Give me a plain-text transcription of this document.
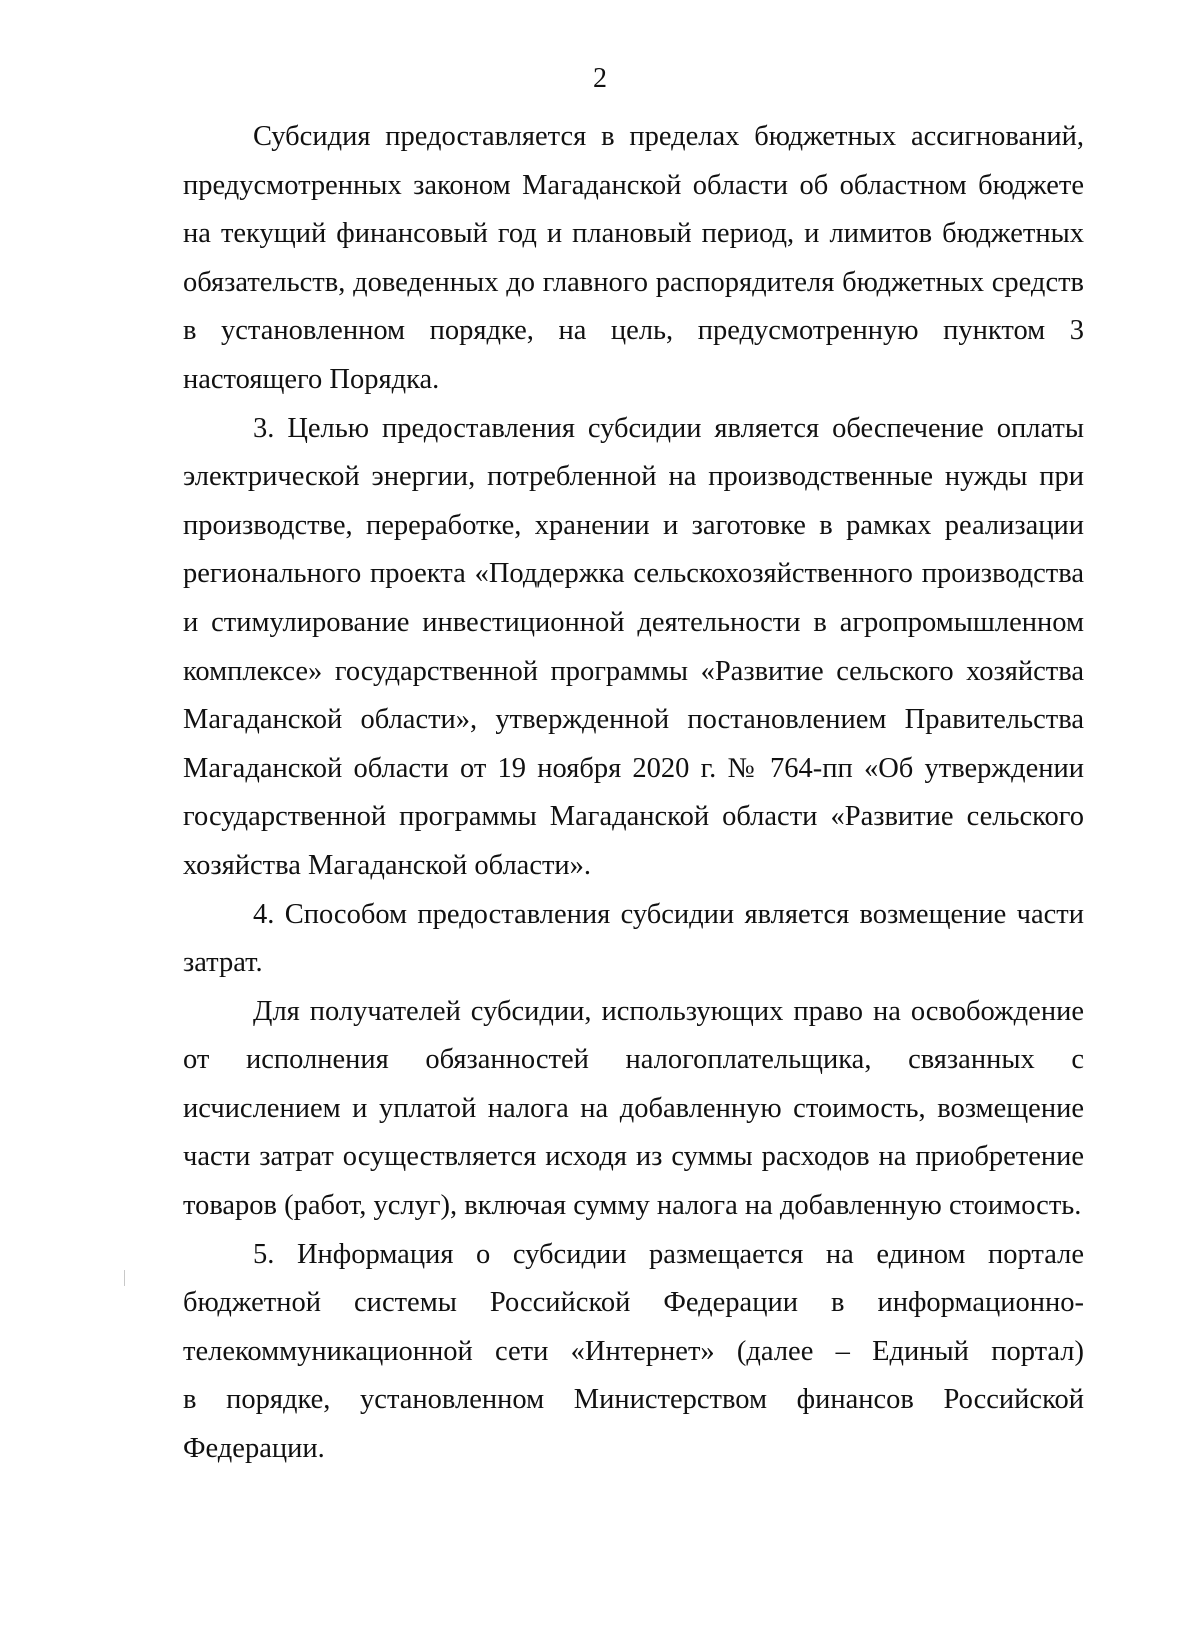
2
Субсидия предоставляется в пределах бюджетных ассигнований,
предусмотренных законом Магаданской области об областном бюджете
на текущий финансовый год и плановый период, и лимитов бюджетных
обязательств, доведенных до главного распорядителя бюджетных средств
в установленном порядке, на цель, предусмотренную пунктом 3
настоящего Порядка.
3. Целью предоставления субсидии является обеспечение оплаты
электрической энергии, потребленной на производственные нужды при
производстве, переработке, хранении и заготовке в рамках реализации
регионального проекта «Поддержка сельскохозяйственного производства
и стимулирование инвестиционной деятельности в агропромышленном
комплексе» государственной программы «Развитие сельского хозяйства
Магаданской области», утвержденной постановлением Правительства
Магаданской области от 19 ноября 2020 г. № 764-пп «Об утверждении
государственной программы Магаданской области «Развитие сельского
хозяйства Магаданской области».
4. Способом предоставления субсидии является возмещение части
затрат.
Для получателей субсидии, использующих право на освобождение
от исполнения обязанностей налогоплательщика, связанных с
исчислением и уплатой налога на добавленную стоимость, возмещение
части затрат осуществляется исходя из суммы расходов на приобретение
товаров (работ, услуг), включая сумму налога на добавленную стоимость.
5. Информация о субсидии размещается на едином портале
бюджетной системы Российской Федерации в информационно-
телекоммуникационной сети «Интернет» (далее – Единый портал)
в порядке, установленном Министерством финансов Российской
Федерации.
